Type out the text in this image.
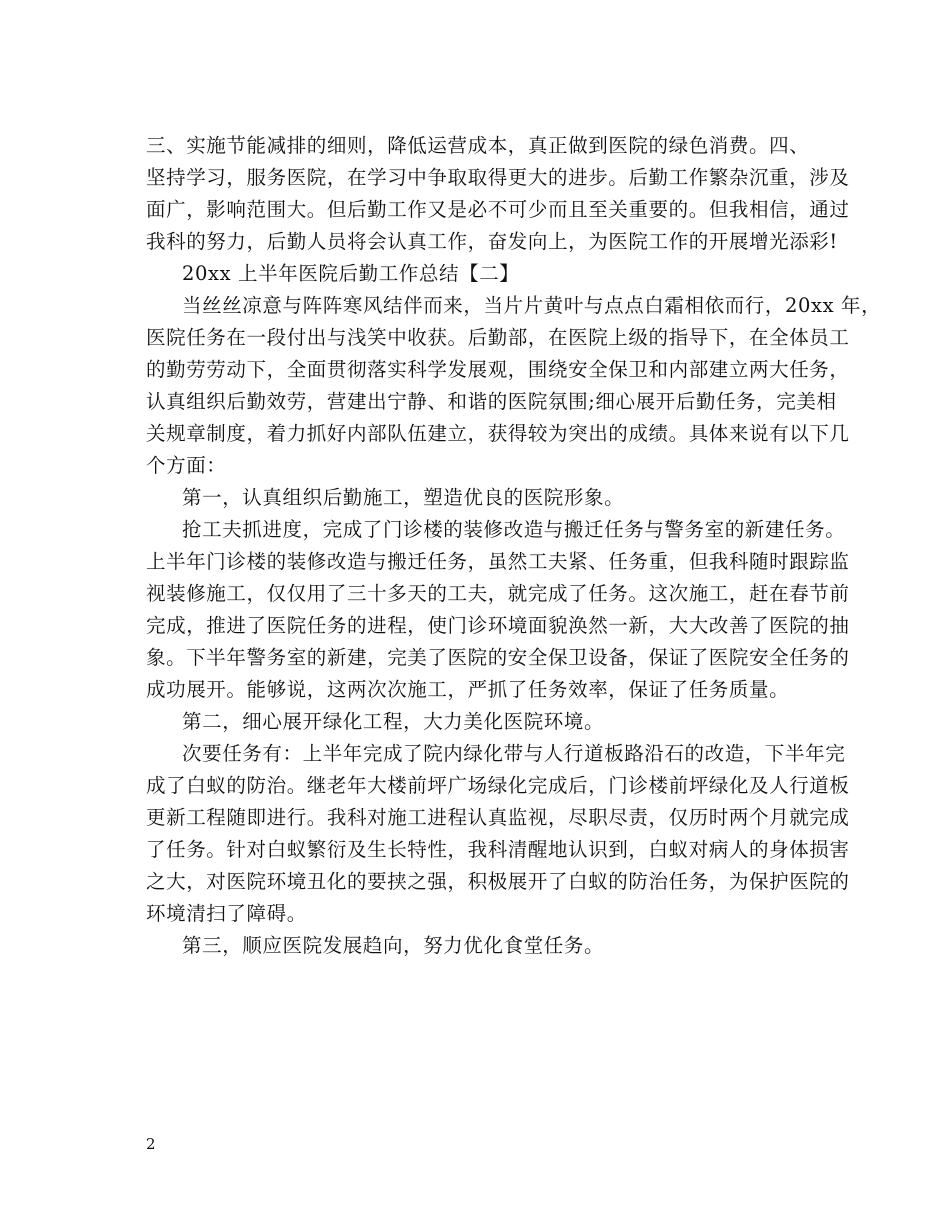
三、实施节能减排的细则，降低运营成本，真正做到医院的绿色消费。四、

坚持学习，服务医院，在学习中争取取得更大的进步。后勤工作繁杂沉重，涉及

面广，影响范围大。但后勤工作又是必不可少而且至关重要的。但我相信，通过

我科的努力，后勤人员将会认真工作，奋发向上，为医院工作的开展增光添彩!

20xx 上半年医院后勤工作总结【二】

当丝丝凉意与阵阵寒风结伴而来，当片片黄叶与点点白霜相依而行，20xx 年，

医院任务在一段付出与浅笑中收获。后勤部，在医院上级的指导下，在全体员工

的勤劳劳动下，全面贯彻落实科学发展观，围绕安全保卫和内部建立两大任务，

认真组织后勤效劳，营建出宁静、和谐的医院氛围;细心展开后勤任务，完美相

关规章制度，着力抓好内部队伍建立，获得较为突出的成绩。具体来说有以下几

个方面：

第一，认真组织后勤施工，塑造优良的医院形象。

抢工夫抓进度，完成了门诊楼的装修改造与搬迁任务与警务室的新建任务。

上半年门诊楼的装修改造与搬迁任务，虽然工夫紧、任务重，但我科随时跟踪监

视装修施工，仅仅用了三十多天的工夫，就完成了任务。这次施工，赶在春节前

完成，推进了医院任务的进程，使门诊环境面貌涣然一新，大大改善了医院的抽

象。下半年警务室的新建，完美了医院的安全保卫设备，保证了医院安全任务的

成功展开。能够说，这两次次施工，严抓了任务效率，保证了任务质量。

第二，细心展开绿化工程，大力美化医院环境。

次要任务有：上半年完成了院内绿化带与人行道板路沿石的改造，下半年完

成了白蚁的防治。继老年大楼前坪广场绿化完成后，门诊楼前坪绿化及人行道板

更新工程随即进行。我科对施工进程认真监视，尽职尽责，仅历时两个月就完成

了任务。针对白蚁繁衍及生长特性，我科清醒地认识到，白蚁对病人的身体损害

之大，对医院环境丑化的要挟之强，积极展开了白蚁的防治任务，为保护医院的

环境清扫了障碍。

第三，顺应医院发展趋向，努力优化食堂任务。

2
